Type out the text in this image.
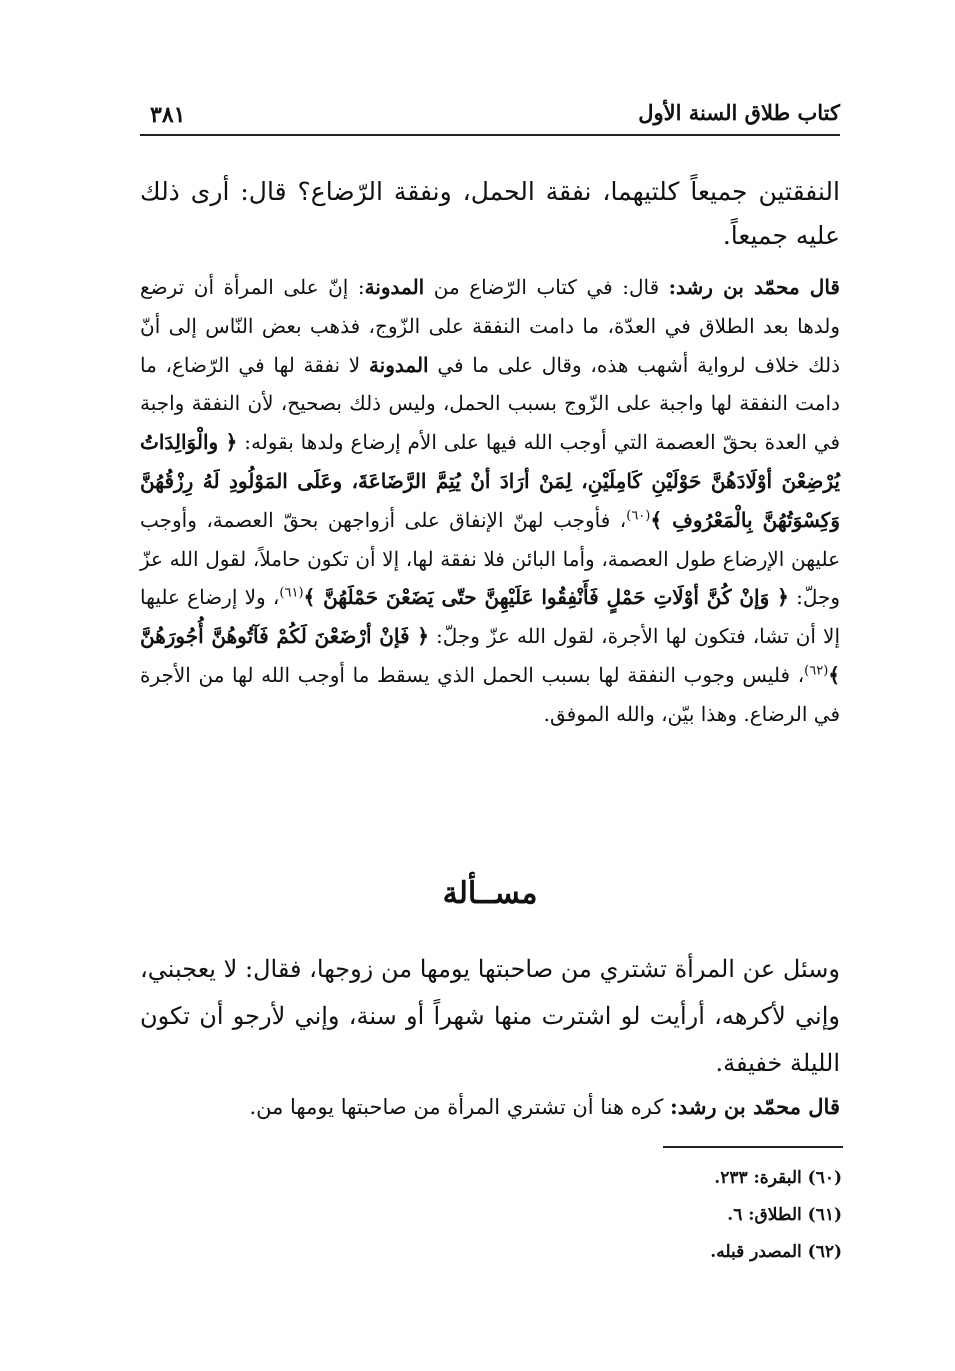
كتاب طلاق السنة الأول
٣٨١

النفقتين جميعاً كلتيهما، نفقة الحمل، ونفقة الرّضاع؟ قال: أرى ذلك عليه جميعاً.

قال محمّد بن رشد: قال: في كتاب الرّضاع من المدونة: إنّ على المرأة أن ترضع ولدها بعد الطلاق في العدّة، ما دامت النفقة على الزّوج، فذهب بعض النّاس إلى أنّ ذلك خلاف لرواية أشهب هذه، وقال على ما في المدونة لا نفقة لها في الرّضاع، ما دامت النفقة لها واجبة على الزّوج بسبب الحمل، وليس ذلك بصحيح، لأن النفقة واجبة في العدة بحقّ العصمة التي أوجب الله فيها على الأم إرضاع ولدها بقوله: ﴿ والْوَالِدَاتُ يُرْضِعْنَ أوْلَادَهُنَّ حَوْلَيْنِ كَامِلَيْنِ، لِمَنْ أرَادَ أنْ يُتِمَّ الرَّضَاعَةَ، وعَلَى المَوْلُودِ لَهُ رِزْقُهُنَّ وَكِسْوَتُهُنَّ بِالْمَعْرُوفِ ﴾$^{(٦٠)}$، فأوجب لهنّ الإنفاق على أزواجهن بحقّ العصمة، وأوجب عليهن الإرضاع طول العصمة، وأما البائن فلا نفقة لها، إلا أن تكون حاملاً، لقول الله عزّ وجلّ: ﴿ وَإنْ كُنَّ أوْلَاتِ حَمْلٍ فَأَنْفِقُوا عَلَيْهِنَّ حتّى يَضَعْنَ حَمْلَهُنَّ ﴾$^{(٦١)}$، ولا إرضاع عليها إلا أن تشا، فتكون لها الأجرة، لقول الله عزّ وجلّ: ﴿ فَإنْ أرْضَعْنَ لَكُمْ فَآتُوهُنَّ أُجُورَهُنَّ ﴾$^{(٦٢)}$، فليس وجوب النفقة لها بسبب الحمل الذي يسقط ما أوجب الله لها من الأجرة في الرضاع. وهذا بيّن، والله الموفق.

مســألة

وسئل عن المرأة تشتري من صاحبتها يومها من زوجها، فقال: لا يعجبني، وإني لأكرهه، أرأيت لو اشترت منها شهراً أو سنة، وإني لأرجو أن تكون الليلة خفيفة.

قال محمّد بن رشد: كره هنا أن تشتري المرأة من صاحبتها يومها من.

(٦٠) البقرة: ٢٣٣.
(٦١) الطلاق: ٦.
(٦٢) المصدر قبله.
